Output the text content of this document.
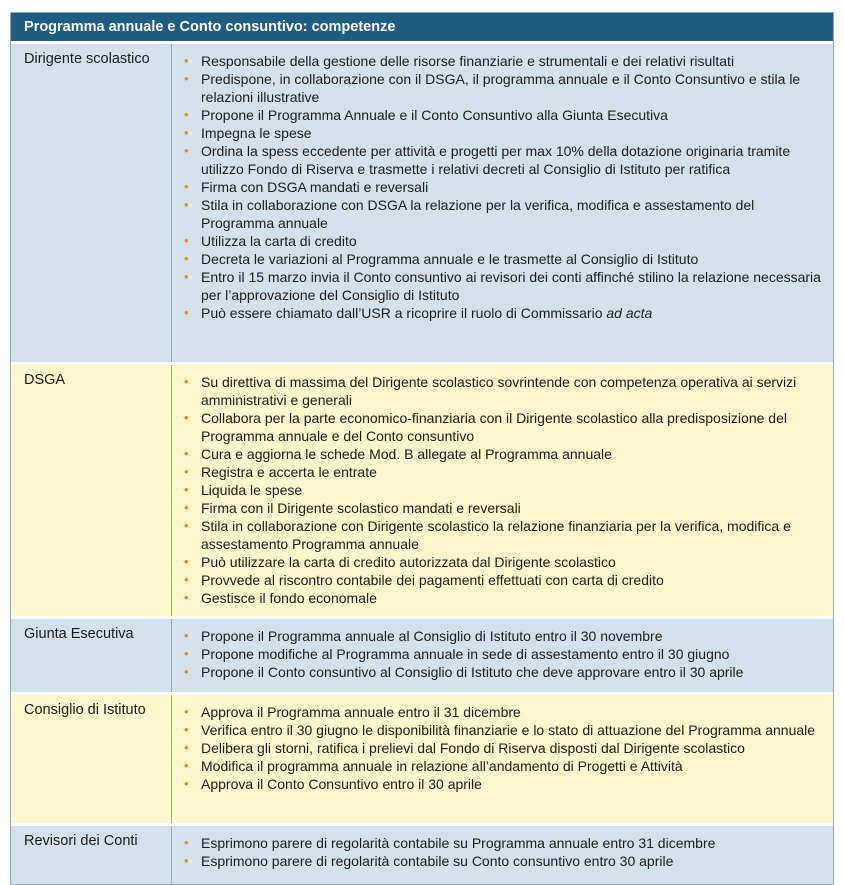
Programma annuale e Conto consuntivo: competenze
Dirigente scolastico	• Responsabile della gestione delle risorse finanziarie e strumentali e dei relativi risultati
• Predispone, in collaborazione con il DSGA, il programma annuale e il Conto Consuntivo e stila le relazioni illustrative
• Propone il Programma Annuale e il Conto Consuntivo alla Giunta Esecutiva
• Impegna le spese
• Ordina la spess eccedente per attività e progetti per max 10% della dotazione originaria tramite utilizzo Fondo di Riserva e trasmette i relativi decreti al Consiglio di Istituto per ratifica
• Firma con DSGA mandati e reversali
• Stila in collaborazione con DSGA la relazione per la verifica, modifica e assestamento del Programma annuale
• Utilizza la carta di credito
• Decreta le variazioni al Programma annuale e le trasmette al Consiglio di Istituto
• Entro il 15 marzo invia il Conto consuntivo ai revisori dei conti affinché stilino la relazione necessaria per l’approvazione del Consiglio di Istituto
• Può essere chiamato dall’USR a ricoprire il ruolo di Commissario ad acta
DSGA	• Su direttiva di massima del Dirigente scolastico sovrintende con competenza operativa ai servizi amministrativi e generali
• Collabora per la parte economico-finanziaria con il Dirigente scolastico alla predisposizione del Programma annuale e del Conto consuntivo
• Cura e aggiorna le schede Mod. B allegate al Programma annuale
• Registra e accerta le entrate
• Liquida le spese
• Firma con il Dirigente scolastico mandati e reversali
• Stila in collaborazione con Dirigente scolastico la relazione finanziaria per la verifica, modifica e assestamento Programma annuale
• Può utilizzare la carta di credito autorizzata dal Dirigente scolastico
• Provvede al riscontro contabile dei pagamenti effettuati con carta di credito
• Gestisce il fondo economale
Giunta Esecutiva	• Propone il Programma annuale al Consiglio di Istituto entro il 30 novembre
• Propone modifiche al Programma annuale in sede di assestamento entro il 30 giugno
• Propone il Conto consuntivo al Consiglio di Istituto che deve approvare entro il 30 aprile
Consiglio di Istituto	• Approva il Programma annuale entro il 31 dicembre
• Verifica entro il 30 giugno le disponibilità finanziarie e lo stato di attuazione del Programma annuale
• Delibera gli storni, ratifica i prelievi dal Fondo di Riserva disposti dal Dirigente scolastico
• Modifica il programma annuale in relazione all’andamento di Progetti e Attività
• Approva il Conto Consuntivo entro il 30 aprile
Revisori dei Conti	• Esprimono parere di regolarità contabile su Programma annuale entro 31 dicembre
• Esprimono parere di regolarità contabile su Conto consuntivo entro 30 aprile
